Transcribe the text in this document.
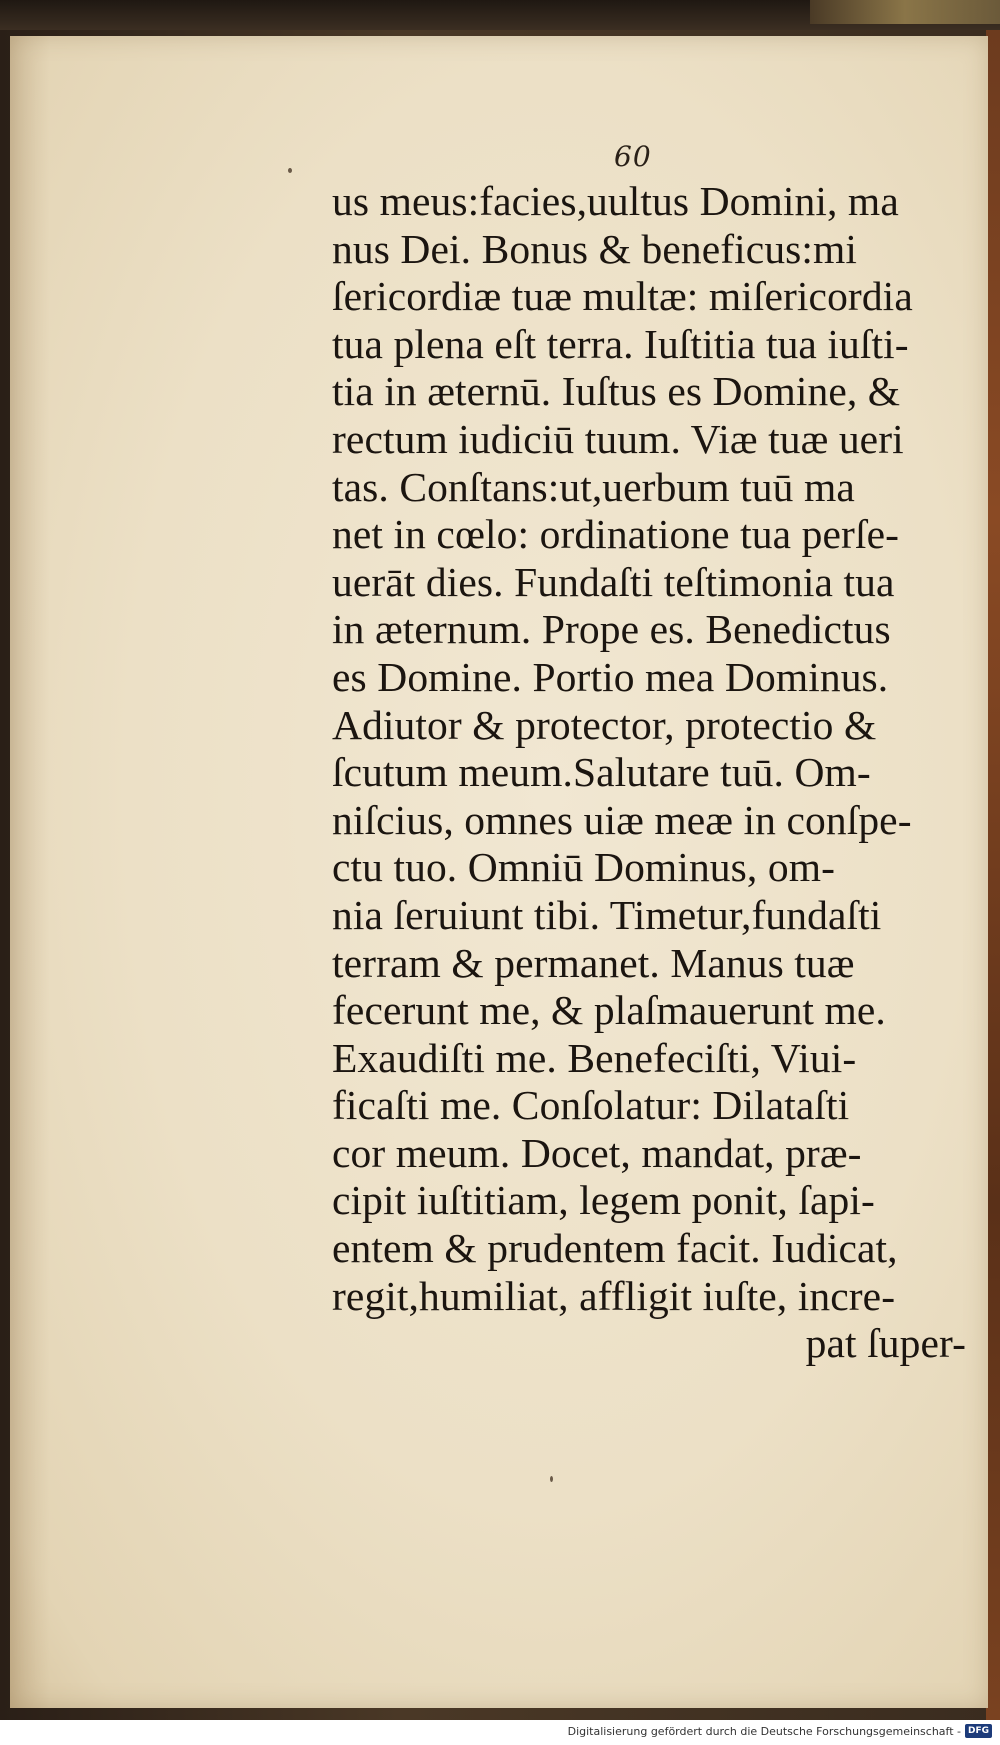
60
us meus:facies,uultus Domini, ma
nus Dei. Bonus & beneficus:mi
ſericordiæ tuæ multæ: miſericordia
tua plena eſt terra. Iuſtitia tua iuſti-
tia in æternū. Iuſtus es Domine, &
rectum iudiciū tuum. Viæ tuæ ueri
tas. Conſtans:ut,uerbum tuū ma
net in cœlo: ordinatione tua perſe-
uerāt dies. Fundaſti teſtimonia tua
in æternum. Prope es. Benedictus
es Domine. Portio mea Dominus.
Adiutor & protector, protectio &
ſcutum meum.Salutare tuū. Om-
niſcius, omnes uiæ meæ in conſpe-
ctu tuo. Omniū Dominus, om-
nia ſeruiunt tibi. Timetur,fundaſti
terram & permanet. Manus tuæ
fecerunt me, & plaſmauerunt me.
Exaudiſti me. Benefeciſti, Viui-
ficaſti me. Conſolatur: Dilataſti
cor meum. Docet, mandat, præ-
cipit iuſtitiam, legem ponit, ſapi-
entem & prudentem facit. Iudicat,
regit,humiliat, affligit iuſte, incre-
pat ſuper-
Digitalisierung gefördert durch die Deutsche Forschungsgemeinschaft - DFG
